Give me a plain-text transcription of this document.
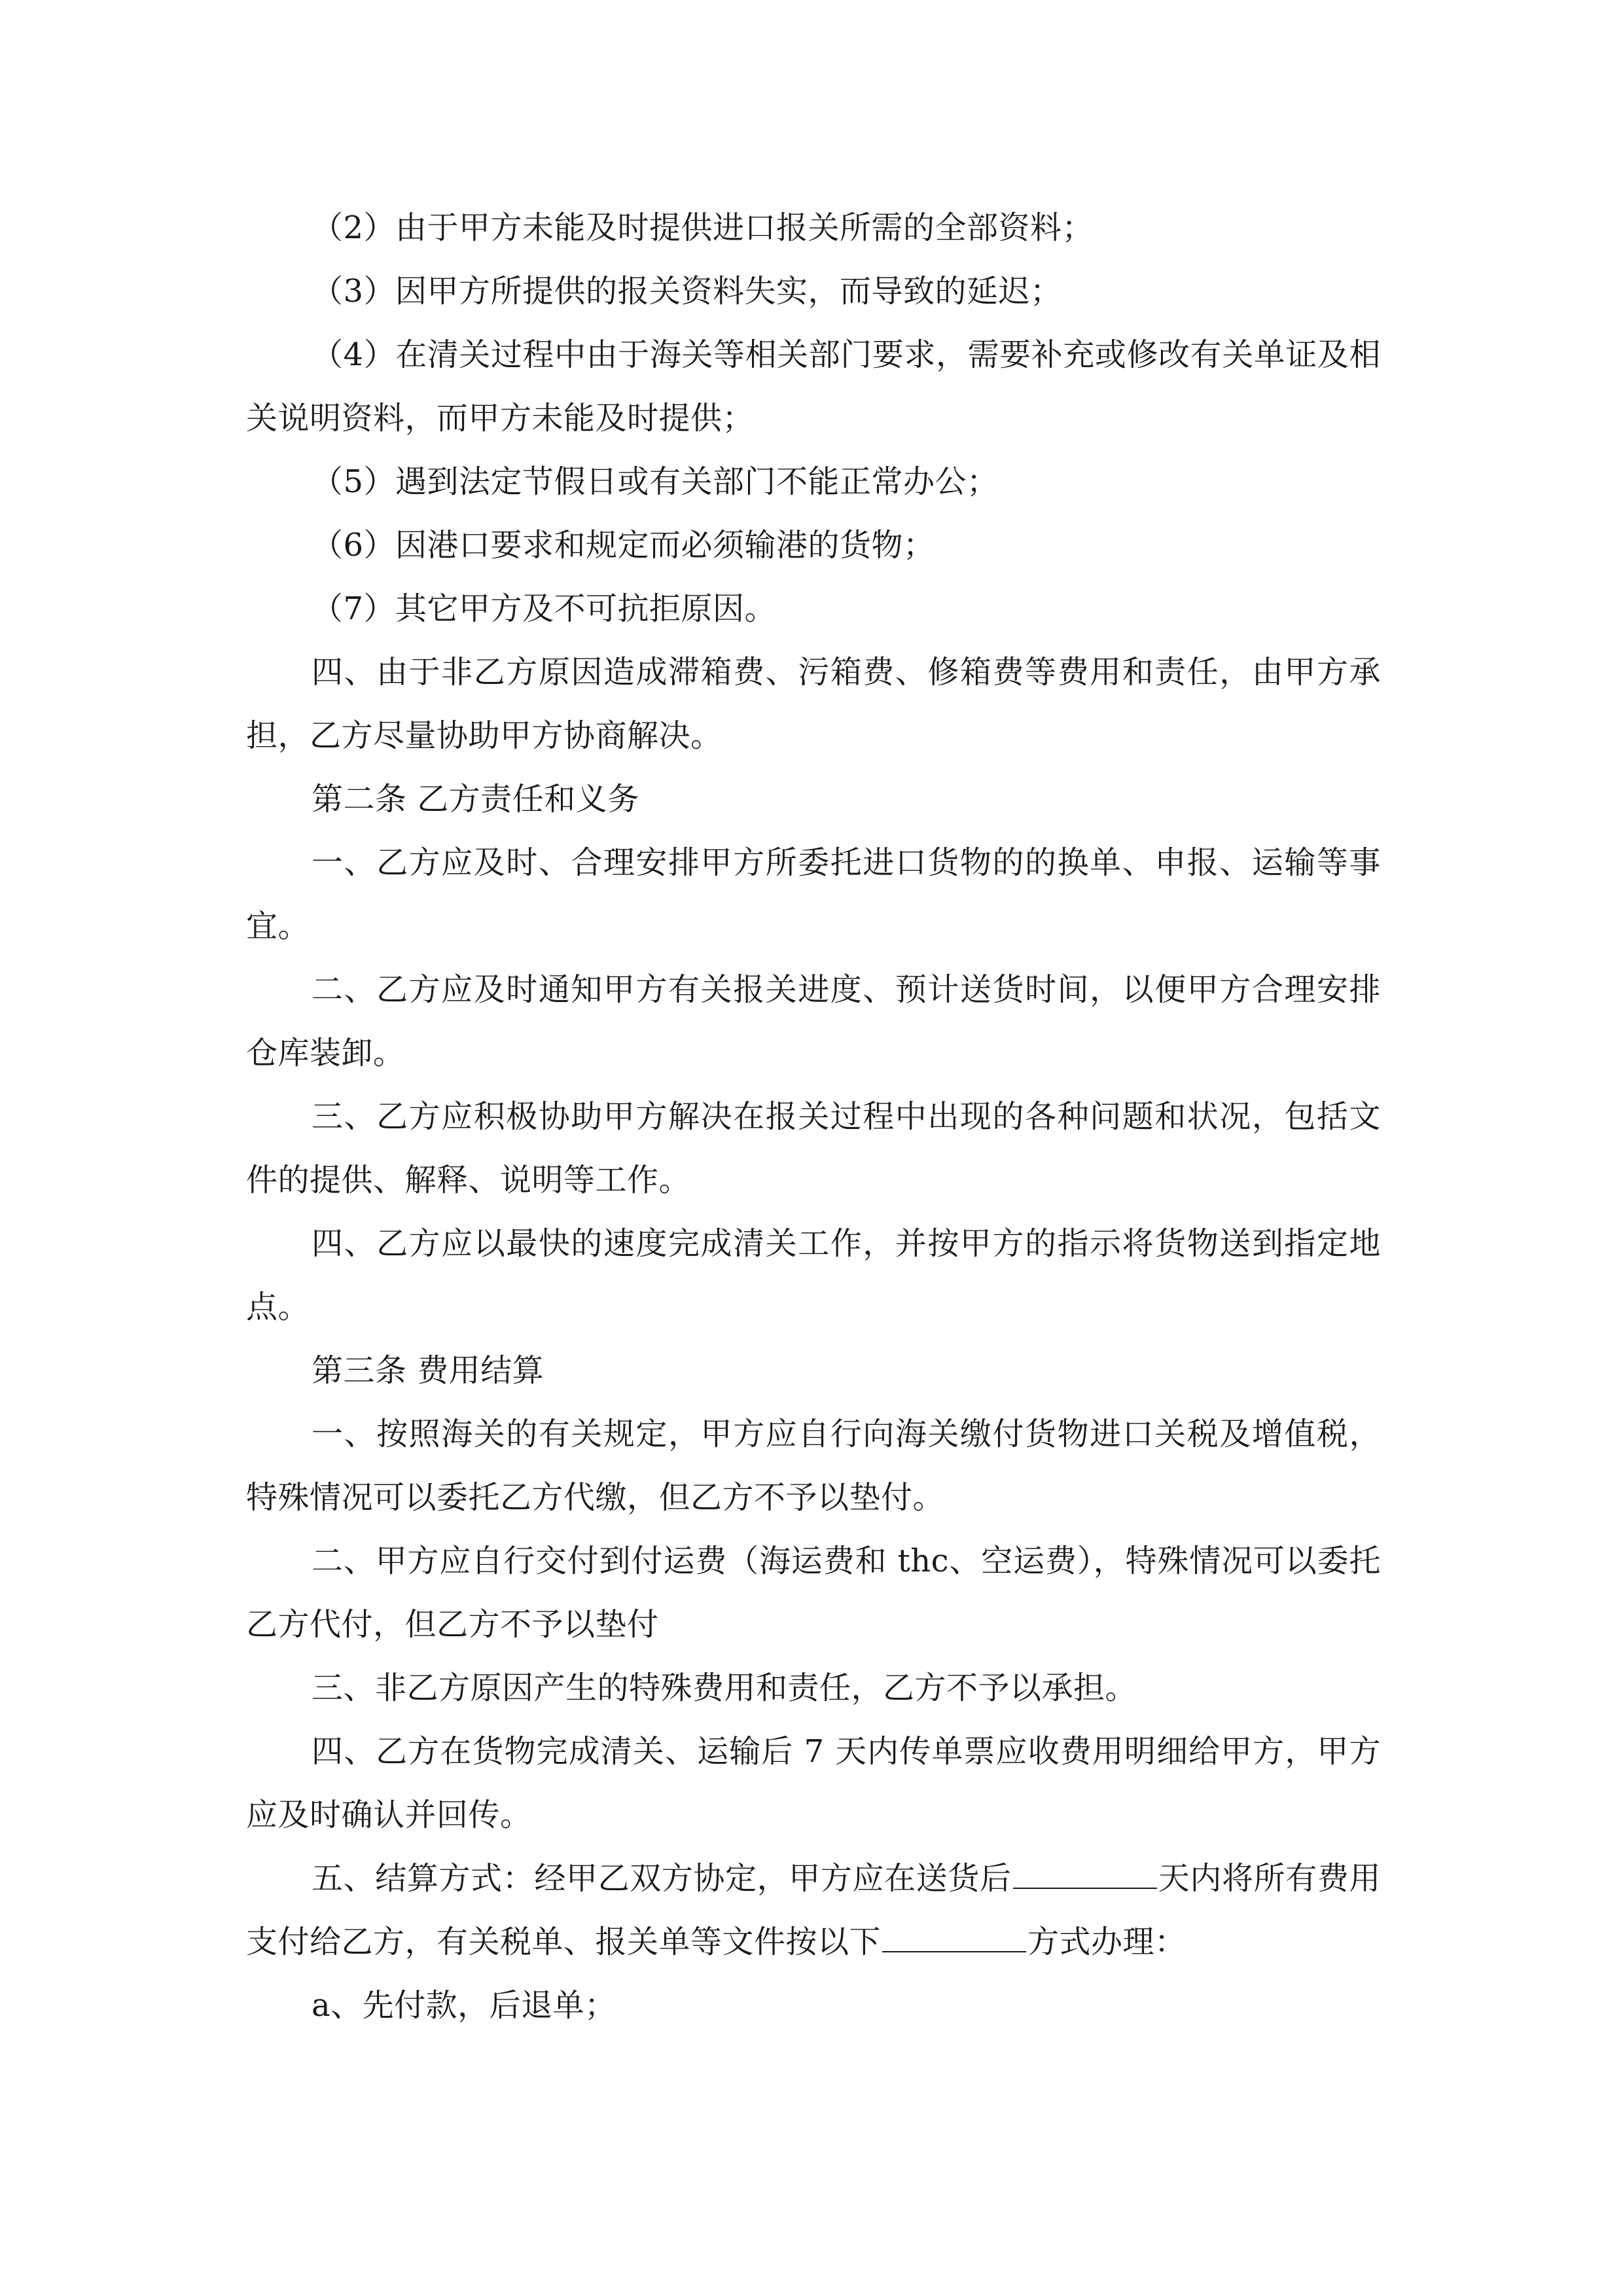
（2）由于甲方未能及时提供进口报关所需的全部资料；

（3）因甲方所提供的报关资料失实，而导致的延迟；

（4）在清关过程中由于海关等相关部门要求，需要补充或修改有关单证及相关说明资料，而甲方未能及时提供；

（5）遇到法定节假日或有关部门不能正常办公；

（6）因港口要求和规定而必须输港的货物；

（7）其它甲方及不可抗拒原因。

四、由于非乙方原因造成滞箱费、污箱费、修箱费等费用和责任，由甲方承担，乙方尽量协助甲方协商解决。

第二条 乙方责任和义务

一、乙方应及时、合理安排甲方所委托进口货物的的换单、申报、运输等事宜。

二、乙方应及时通知甲方有关报关进度、预计送货时间，以便甲方合理安排仓库装卸。

三、乙方应积极协助甲方解决在报关过程中出现的各种问题和状况，包括文件的提供、解释、说明等工作。

四、乙方应以最快的速度完成清关工作，并按甲方的指示将货物送到指定地点。

第三条 费用结算

一、按照海关的有关规定，甲方应自行向海关缴付货物进口关税及增值税，特殊情况可以委托乙方代缴，但乙方不予以垫付。

二、甲方应自行交付到付运费（海运费和 thc、空运费），特殊情况可以委托乙方代付，但乙方不予以垫付

三、非乙方原因产生的特殊费用和责任，乙方不予以承担。

四、乙方在货物完成清关、运输后 7 天内传单票应收费用明细给甲方，甲方应及时确认并回传。

五、结算方式：经甲乙双方协定，甲方应在送货后	天内将所有费用支付给乙方，有关税单、报关单等文件按以下	方式办理：

a、先付款，后退单；
